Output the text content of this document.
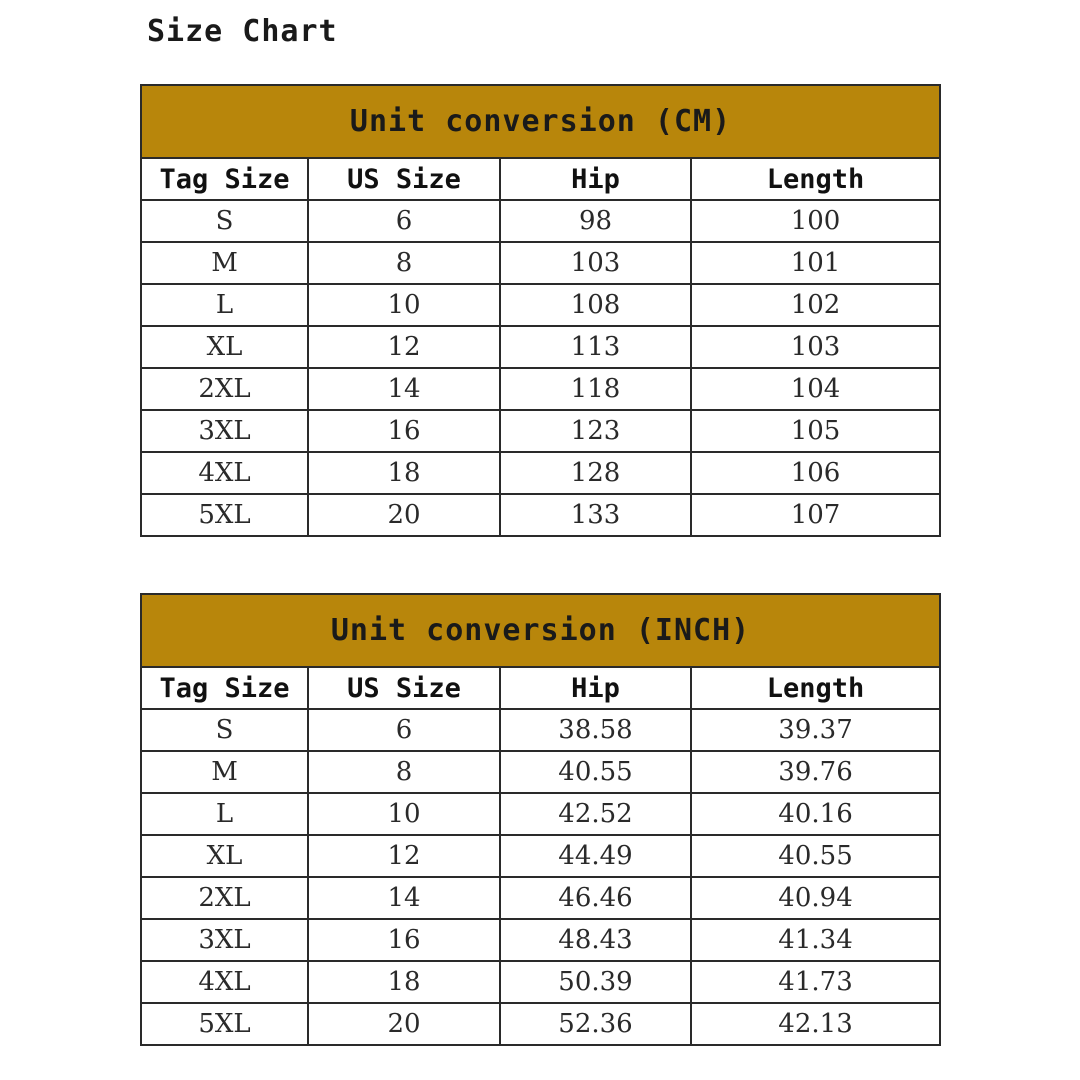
Size Chart
Unit conversion (CM)			
Tag Size	US Size	Hip	Length
S	6	98	100
M	8	103	101
L	10	108	102
XL	12	113	103
2XL	14	118	104
3XL	16	123	105
4XL	18	128	106
5XL	20	133	107
Unit conversion (INCH)			
Tag Size	US Size	Hip	Length
S	6	38.58	39.37
M	8	40.55	39.76
L	10	42.52	40.16
XL	12	44.49	40.55
2XL	14	46.46	40.94
3XL	16	48.43	41.34
4XL	18	50.39	41.73
5XL	20	52.36	42.13
